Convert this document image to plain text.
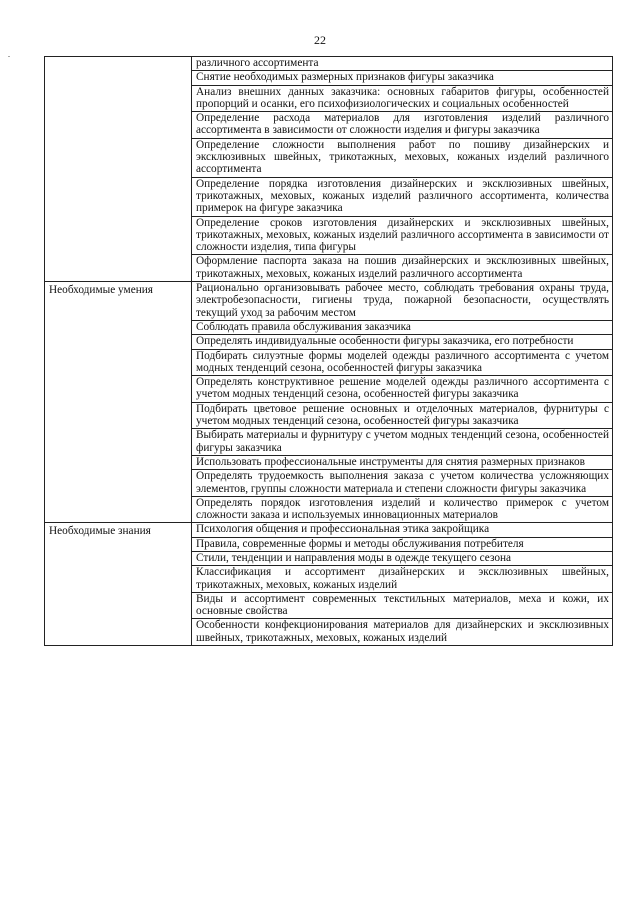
22
.
	различного ассортимента
	Снятие необходимых размерных признаков фигуры заказчика
	Анализ внешних данных заказчика: основных габаритов фигуры, особенностей пропорций и осанки, его психофизиологических и социальных особенностей
	Определение расхода материалов для изготовления изделий различного ассортимента в зависимости от сложности изделия и фигуры заказчика
	Определение сложности выполнения работ по пошиву дизайнерских и эксклюзивных швейных, трикотажных, меховых, кожаных изделий различного ассортимента
	Определение порядка изготовления дизайнерских и эксклюзивных швейных, трикотажных, меховых, кожаных изделий различного ассортимента, количества примерок на фигуре заказчика
	Определение сроков изготовления дизайнерских и эксклюзивных швейных, трикотажных, меховых, кожаных изделий различного ассортимента в зависимости от сложности изделия, типа фигуры
	Оформление паспорта заказа на пошив дизайнерских и эксклюзивных швейных, трикотажных, меховых, кожаных изделий различного ассортимента
Необходимые умения	Рационально организовывать рабочее место, соблюдать требования охраны труда, электробезопасности, гигиены труда, пожарной безопасности, осуществлять текущий уход за рабочим местом
	Соблюдать правила обслуживания заказчика
	Определять индивидуальные особенности фигуры заказчика, его потребности
	Подбирать силуэтные формы моделей одежды различного ассортимента с учетом модных тенденций сезона, особенностей фигуры заказчика
	Определять конструктивное решение моделей одежды различного ассортимента с учетом модных тенденций сезона, особенностей фигуры заказчика
	Подбирать цветовое решение основных и отделочных материалов, фурнитуры с учетом модных тенденций сезона, особенностей фигуры заказчика
	Выбирать материалы и фурнитуру с учетом модных тенденций сезона, особенностей фигуры заказчика
	Использовать профессиональные инструменты для снятия размерных признаков
	Определять трудоемкость выполнения заказа с учетом количества усложняющих элементов, группы сложности материала и степени сложности фигуры заказчика
	Определять порядок изготовления изделий и количество примерок с учетом сложности заказа и используемых инновационных материалов
Необходимые знания	Психология общения и профессиональная этика закройщика
	Правила, современные формы и методы обслуживания потребителя
	Стили, тенденции и направления моды в одежде текущего сезона
	Классификация и ассортимент дизайнерских и эксклюзивных швейных, трикотажных, меховых, кожаных изделий
	Виды и ассортимент современных текстильных материалов, меха и кожи, их основные свойства
	Особенности конфекционирования материалов для дизайнерских и эксклюзивных швейных, трикотажных, меховых, кожаных изделий
